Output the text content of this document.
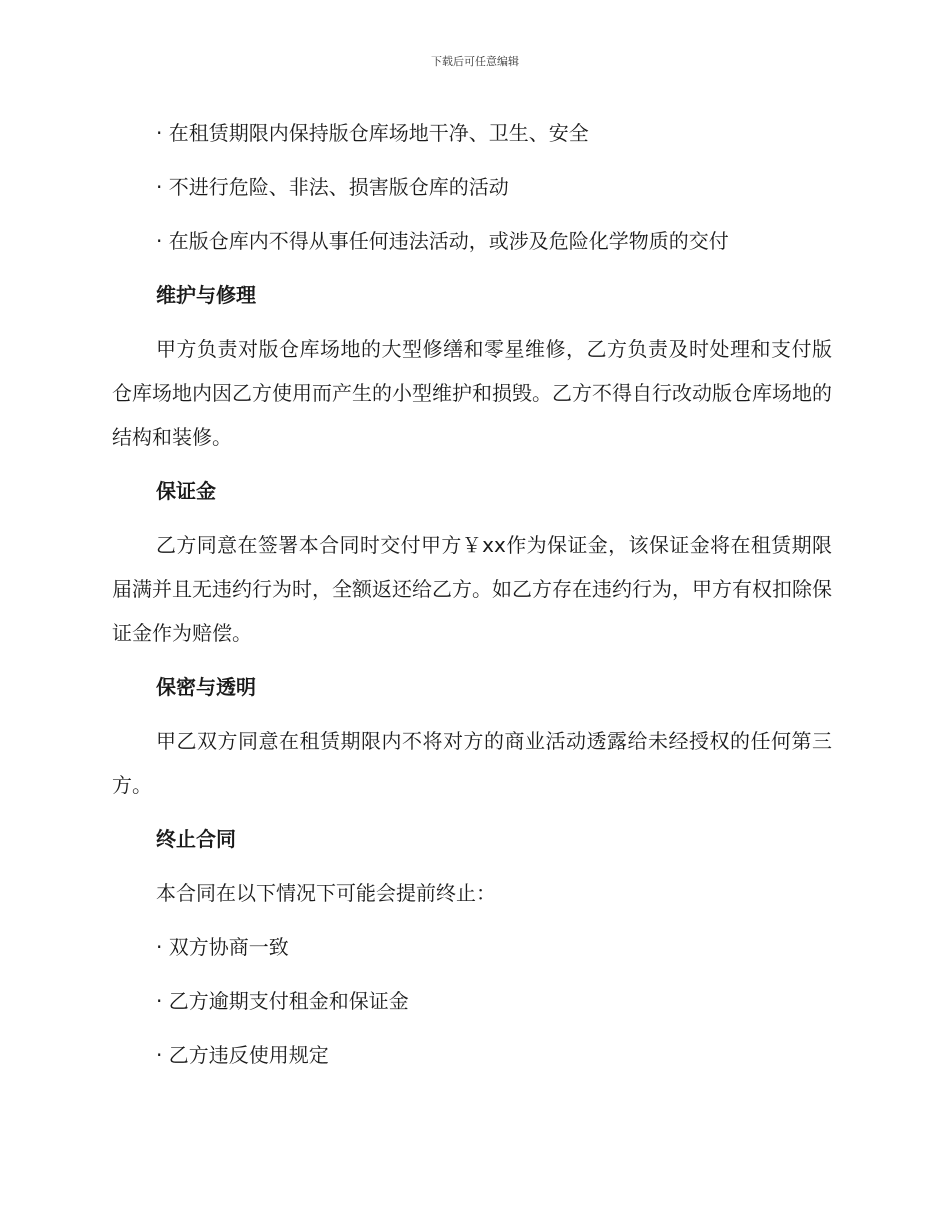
下载后可任意编辑
· 在租赁期限内保持版仓库场地干净、卫生、安全
· 不进行危险、非法、损害版仓库的活动
· 在版仓库内不得从事任何违法活动，或涉及危险化学物质的交付
维护与修理
甲方负责对版仓库场地的大型修缮和零星维修，乙方负责及时处理和支付版仓库场地内因乙方使用而产生的小型维护和损毁。乙方不得自行改动版仓库场地的结构和装修。
保证金
乙方同意在签署本合同时交付甲方￥xx作为保证金，该保证金将在租赁期限届满并且无违约行为时，全额返还给乙方。如乙方存在违约行为，甲方有权扣除保证金作为赔偿。
保密与透明
甲乙双方同意在租赁期限内不将对方的商业活动透露给未经授权的任何第三方。
终止合同
本合同在以下情况下可能会提前终止：
· 双方协商一致
· 乙方逾期支付租金和保证金
· 乙方违反使用规定
